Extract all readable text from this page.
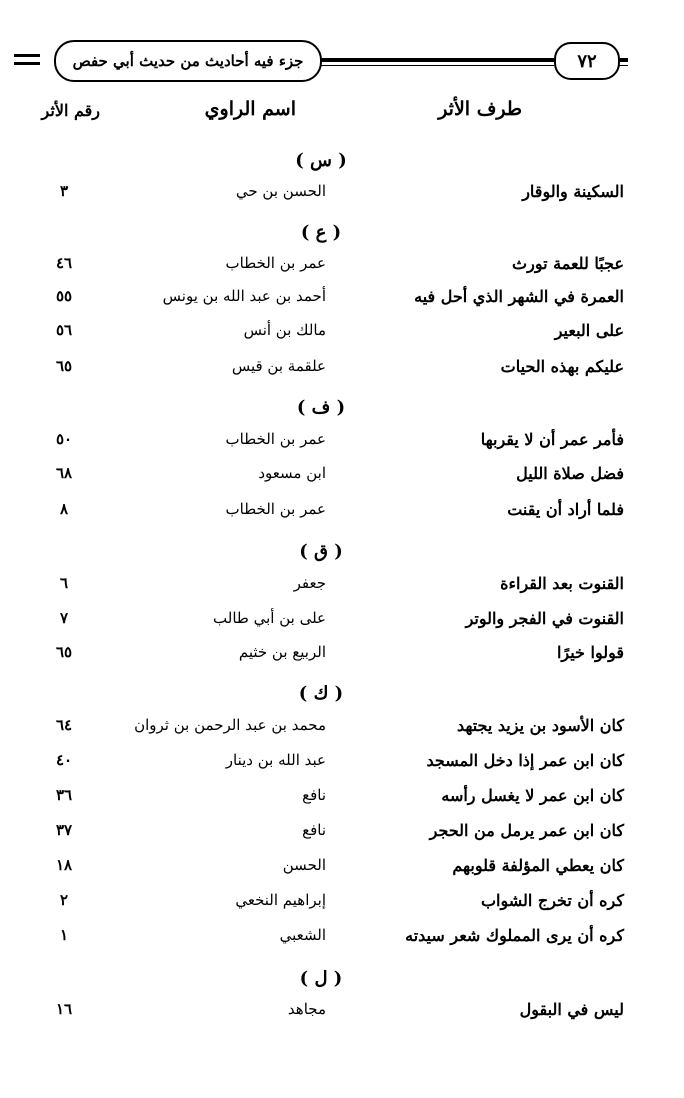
٧٢
جزء فيه أحاديث من حديث أبي حفص
طرف الأثر
اسم الراوي
رقم الأثر
( س )
السكينة والوقار
الحسن بن حي
٣
( ع )
عجبًا للعمة تورث
عمر بن الخطاب
٤٦
العمرة في الشهر الذي أحل فيه
أحمد بن عبد الله بن يونس
٥٥
على البعير
مالك بن أنس
٥٦
عليكم بهذه الحيات
علقمة بن قيس
٦٥
( ف )
فأمر عمر أن لا يقربها
عمر بن الخطاب
٥٠
فضل صلاة الليل
ابن مسعود
٦٨
فلما أراد أن يقنت
عمر بن الخطاب
٨
( ق )
القنوت بعد القراءة
جعفر
٦
القنوت في الفجر والوتر
على بن أبي طالب
٧
قولوا خيرًا
الربيع بن خثيم
٦٥
( ك )
كان الأسود بن يزيد يجتهد
محمد بن عبد الرحمن بن ثروان
٦٤
كان ابن عمر إذا دخل المسجد
عبد الله بن دينار
٤٠
كان ابن عمر لا يغسل رأسه
نافع
٣٦
كان ابن عمر يرمل من الحجر
نافع
٣٧
كان يعطي المؤلفة قلوبهم
الحسن
١٨
كره أن تخرج الشواب
إبراهيم النخعي
٢
كره أن يرى المملوك شعر سيدته
الشعبي
١
( ل )
ليس في البقول
مجاهد
١٦
